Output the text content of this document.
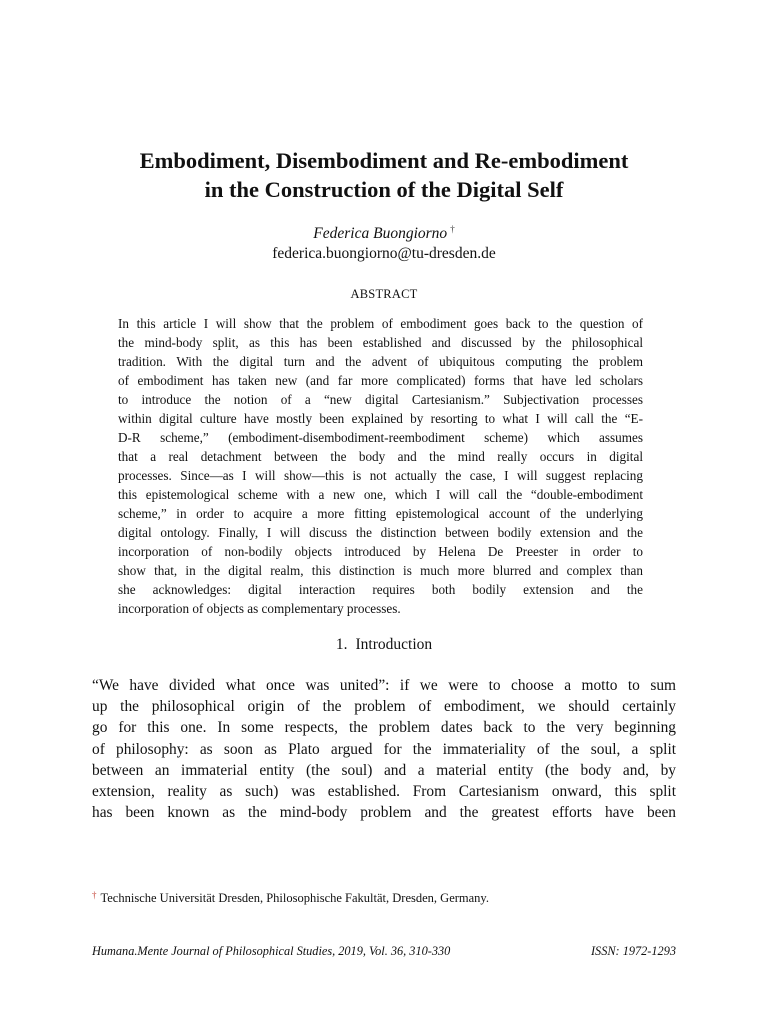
Embodiment, Disembodiment and Re-embodiment
in the Construction of the Digital Self
Federica Buongiorno †
federica.buongiorno@tu-dresden.de
ABSTRACT
In this article I will show that the problem of embodiment goes back to the question of
the mind-body split, as this has been established and discussed by the philosophical
tradition. With the digital turn and the advent of ubiquitous computing the problem
of embodiment has taken new (and far more complicated) forms that have led scholars
to introduce the notion of a “new digital Cartesianism.” Subjectivation processes
within digital culture have mostly been explained by resorting to what I will call the “E-
D-R scheme,” (embodiment-disembodiment-reembodiment scheme) which assumes
that a real detachment between the body and the mind really occurs in digital
processes. Since—as I will show—this is not actually the case, I will suggest replacing
this epistemological scheme with a new one, which I will call the “double-embodiment
scheme,” in order to acquire a more fitting epistemological account of the underlying
digital ontology. Finally, I will discuss the distinction between bodily extension and the
incorporation of non-bodily objects introduced by Helena De Preester in order to
show that, in the digital realm, this distinction is much more blurred and complex than
she acknowledges: digital interaction requires both bodily extension and the
incorporation of objects as complementary processes.
1. Introduction
“We have divided what once was united”: if we were to choose a motto to sum
up the philosophical origin of the problem of embodiment, we should certainly
go for this one. In some respects, the problem dates back to the very beginning
of philosophy: as soon as Plato argued for the immateriality of the soul, a split
between an immaterial entity (the soul) and a material entity (the body and, by
extension, reality as such) was established. From Cartesianism onward, this split
has been known as the mind-body problem and the greatest efforts have been
† Technische Universität Dresden, Philosophische Fakultät, Dresden, Germany.
Humana.Mente Journal of Philosophical Studies, 2019, Vol. 36, 310-330	ISSN: 1972-1293
